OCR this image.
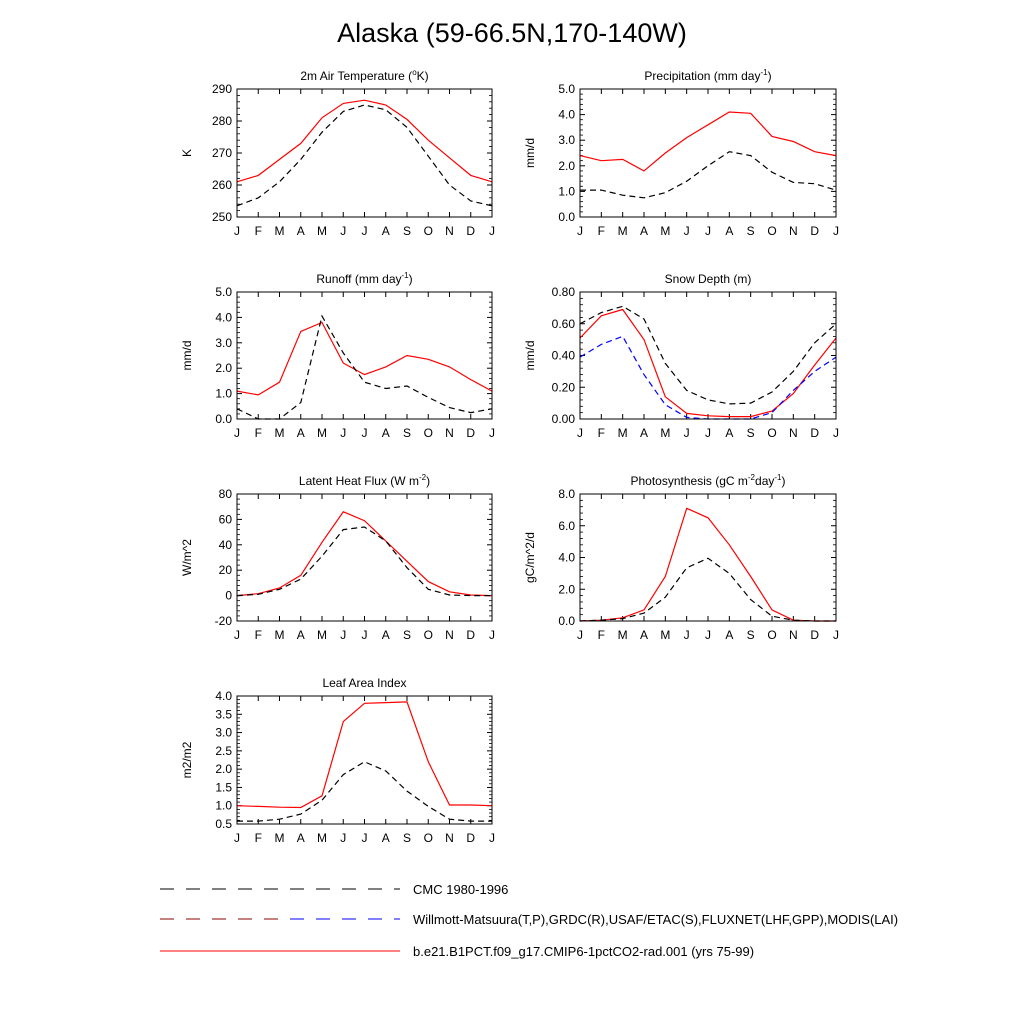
Alaska (59-66.5N,170-140W)
2m Air Temperature ($^o$K)
K
250
260
270
280
290
J F M A M J J A S O N D J
Precipitation (mm day$^{-1}$)
mm/d
0.0
1.0
2.0
3.0
4.0
5.0
J F M A M J J A S O N D J
Runoff (mm day$^{-1}$)
mm/d
0.0
1.0
2.0
3.0
4.0
5.0
J F M A M J J A S O N D J
Snow Depth (m)
mm/d
0.00
0.20
0.40
0.60
0.80
J F M A M J J A S O N D J
Latent Heat Flux (W $m^{-2}$)
W/m^2
-20
0
20
40
60
80
J F M A M J J A S O N D J
Photosynthesis (gC $m^{-2}day^{-1}$)
gC/m^2/d
0.0
2.0
4.0
6.0
8.0
J F M A M J J A S O N D J
Leaf Area Index
m2/m2
0.5
1.0
1.5
2.0
2.5
3.0
3.5
4.0
J F M A M J J A S O N D J
CMC 1980-1996
Willmott-Matsuura(T,P),GRDC(R),USAF/ETAC(S),FLUXNET(LHF,GPP),MODIS(LAI)
b.e21.B1PCT.f09_g17.CMIP6-1pctCO2-rad.001 (yrs 75-99)
